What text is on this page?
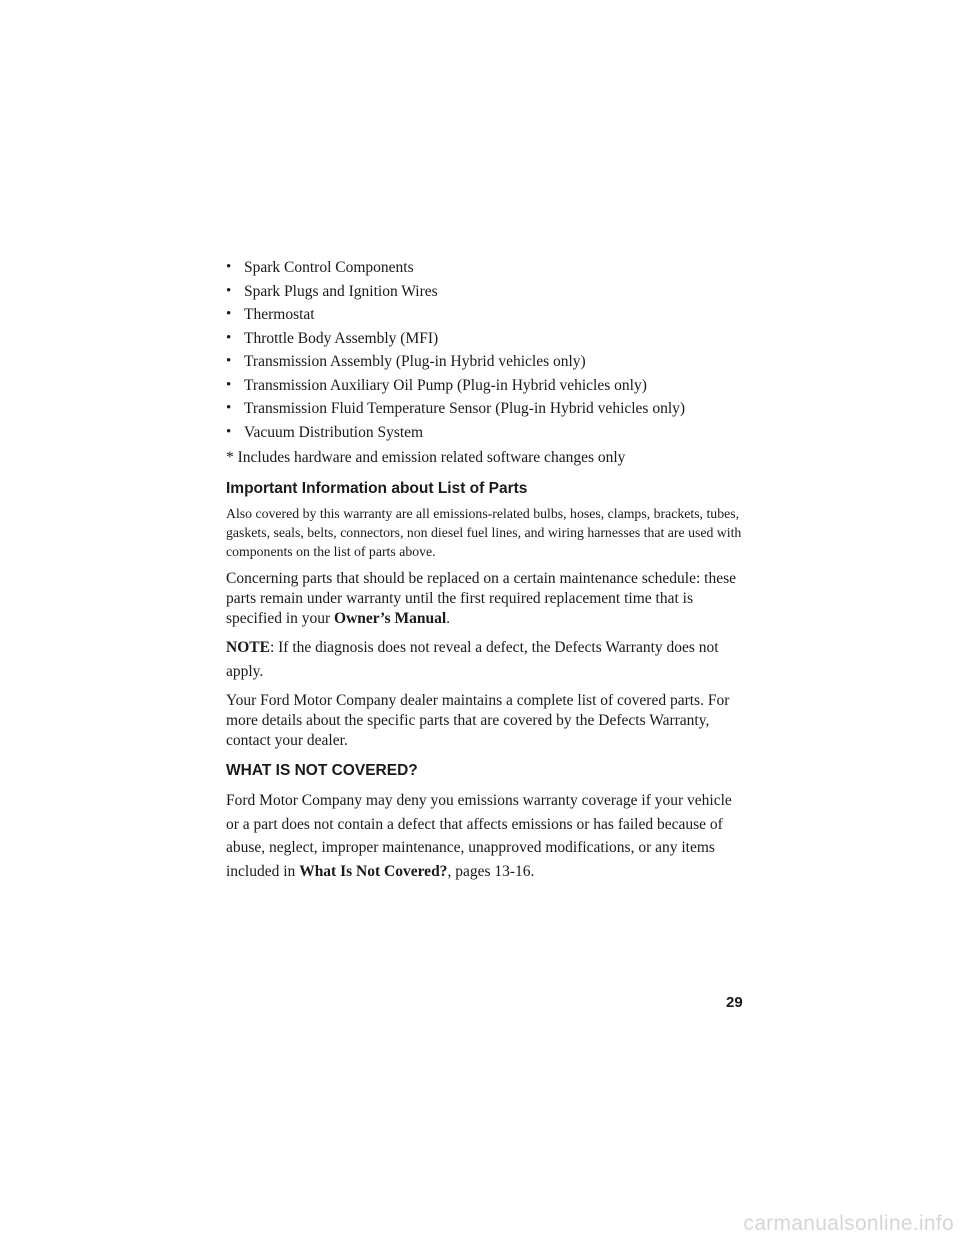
• Spark Control Components
• Spark Plugs and Ignition Wires
• Thermostat
• Throttle Body Assembly (MFI)
• Transmission Assembly (Plug-in Hybrid vehicles only)
• Transmission Auxiliary Oil Pump (Plug-in Hybrid vehicles only)
• Transmission Fluid Temperature Sensor (Plug-in Hybrid vehicles only)
• Vacuum Distribution System

* Includes hardware and emission related software changes only

Important Information about List of Parts

Also covered by this warranty are all emissions-related bulbs, hoses, clamps, brackets, tubes, gaskets, seals, belts, connectors, non diesel fuel lines, and wiring harnesses that are used with components on the list of parts above.

Concerning parts that should be replaced on a certain maintenance schedule: these parts remain under warranty until the first required replacement time that is specified in your Owner’s Manual.

NOTE: If the diagnosis does not reveal a defect, the Defects Warranty does not apply.

Your Ford Motor Company dealer maintains a complete list of covered parts. For more details about the specific parts that are covered by the Defects Warranty, contact your dealer.

WHAT IS NOT COVERED?

Ford Motor Company may deny you emissions warranty coverage if your vehicle or a part does not contain a defect that affects emissions or has failed because of abuse, neglect, improper maintenance, unapproved modifications, or any items included in What Is Not Covered?, pages 13-16.

29
carmanualsonline.info
